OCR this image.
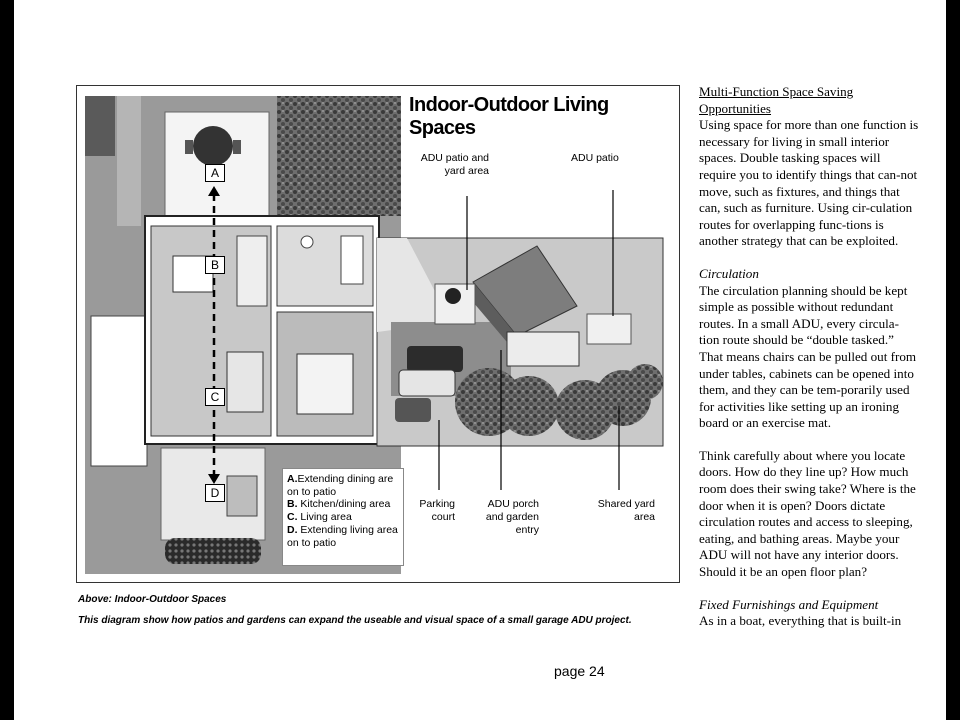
Indoor-Outdoor Living Spaces
ADU patio and
yard area
ADU patio
Parking
court
ADU porch
and garden
entry
Shared yard
area
A
B
C
D
A.Extending dining are on to patio
B. Kitchen/dining area
C. Living area
D. Extending living area on to patio
Above: Indoor-Outdoor Spaces
This diagram show how patios and gardens can expand the useable and visual space of a small garage ADU project.
page 24
Multi-Function Space Saving
Opportunities

Using space for more than one function is necessary for living in small interior spaces. Double tasking spaces will require you to identify things that can-not move, such as fixtures, and things that can, such as furniture. Using cir-culation routes for overlapping func-tions is another strategy that can be exploited.

Circulation

The circulation planning should be kept simple as possible without redundant routes. In a small ADU, every circula-tion route should be “double tasked.” That means chairs can be pulled out from under tables, cabinets can be opened into them, and they can be tem-porarily used for activities like setting up an ironing board or an exercise mat.

Think carefully about where you locate doors. How do they line up? How much room does their swing take? Where is the door when it is open? Doors dictate circulation routes and access to sleeping, eating, and bathing areas. Maybe your ADU will not have any interior doors. Should it be an open floor plan?

Fixed Furnishings and Equipment

As in a boat, everything that is built-in
